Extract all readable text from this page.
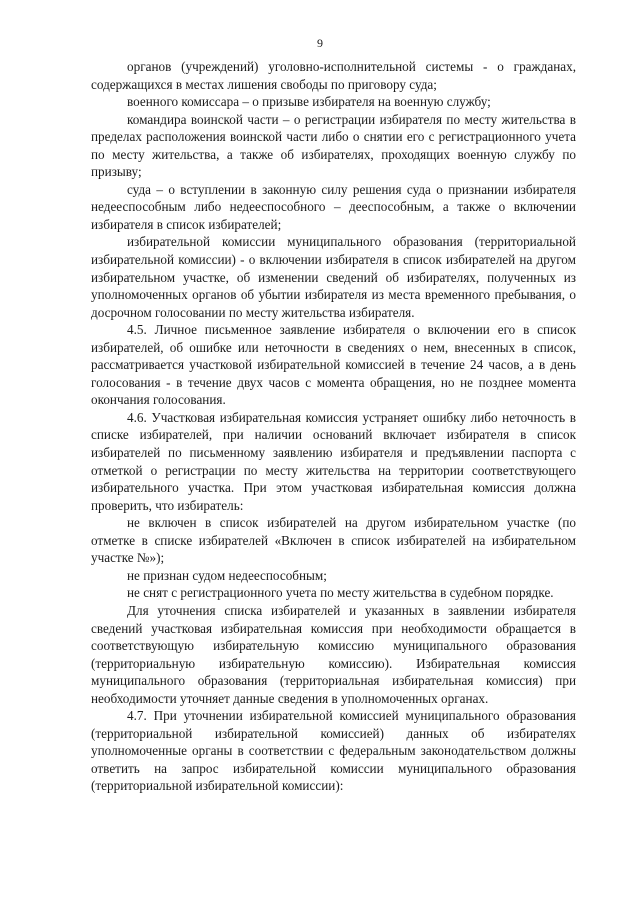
9

органов (учреждений) уголовно-исполнительной системы - о гражданах, содержащихся в местах лишения свободы по приговору суда;

военного комиссара – о призыве избирателя на военную службу;

командира воинской части – о регистрации избирателя по месту жительства в пределах расположения воинской части либо о снятии его с регистрационного учета по месту жительства, а также об избирателях, проходящих военную службу по призыву;

суда – о вступлении в законную силу решения суда о признании избирателя недееспособным либо недееспособного – дееспособным, а также о включении избирателя в список избирателей;

избирательной комиссии муниципального образования (территориальной избирательной комиссии) - о включении избирателя в список избирателей на другом избирательном участке, об изменении сведений об избирателях, полученных из уполномоченных органов об убытии избирателя из места временного пребывания, о досрочном голосовании по месту жительства избирателя.

4.5. Личное письменное заявление избирателя о включении его в список избирателей, об ошибке или неточности в сведениях о нем, внесенных в список, рассматривается участковой избирательной комиссией в течение 24 часов, а в день голосования - в течение двух часов с момента обращения, но не позднее момента окончания голосования.

4.6. Участковая избирательная комиссия устраняет ошибку либо неточность в списке избирателей, при наличии оснований включает избирателя в список избирателей по письменному заявлению избирателя и предъявлении паспорта с отметкой о регистрации по месту жительства на территории соответствующего избирательного участка. При этом участковая избирательная комиссия должна проверить, что избиратель:

не включен в список избирателей на другом избирательном участке (по отметке в списке избирателей «Включен в список избирателей на избирательном участке №»);

не признан судом недееспособным;

не снят с регистрационного учета по месту жительства в судебном порядке.

Для уточнения списка избирателей и указанных в заявлении избирателя сведений участковая избирательная комиссия при необходимости обращается в соответствующую избирательную комиссию муниципального образования (территориальную избирательную комиссию). Избирательная комиссия муниципального образования (территориальная избирательная комиссия) при необходимости уточняет данные сведения в уполномоченных органах.

4.7. При уточнении избирательной комиссией муниципального образования (территориальной избирательной комиссией) данных об избирателях уполномоченные органы в соответствии с федеральным законодательством должны ответить на запрос избирательной комиссии муниципального образования (территориальной избирательной комиссии):
